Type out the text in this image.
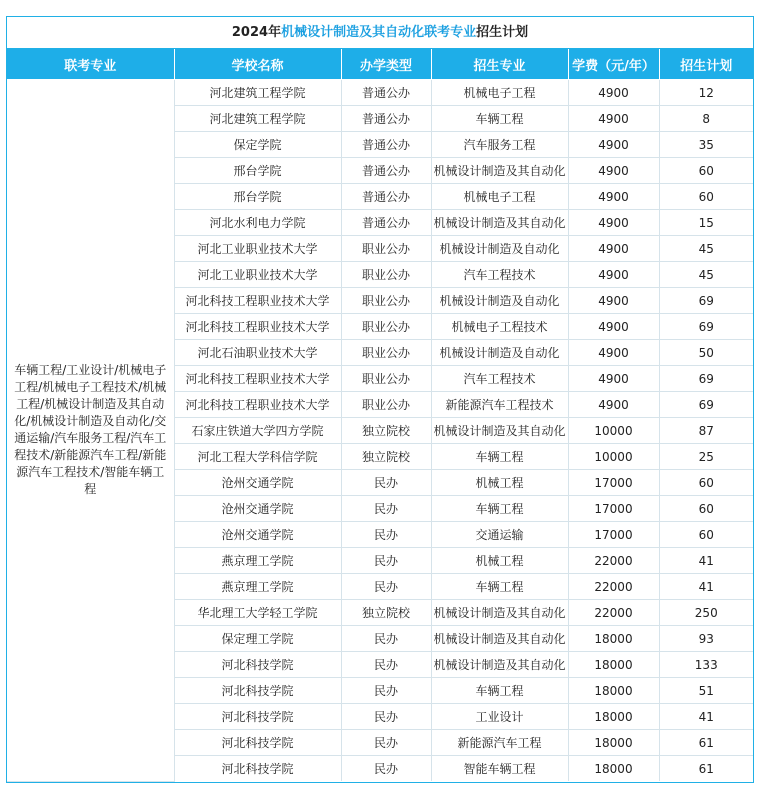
2024年机械设计制造及其自动化联考专业招生计划
联考专业	学校名称	办学类型	招生专业	学费（元/年）	招生计划
车辆工程/工业设计/机械电子工程/机械电子工程技术/机械工程/机械设计制造及其自动化/机械设计制造及自动化/交通运输/汽车服务工程/汽车工程技术/新能源汽车工程/新能源汽车工程技术/智能车辆工程	河北建筑工程学院	普通公办	机械电子工程	4900	12
	河北建筑工程学院	普通公办	车辆工程	4900	8
	保定学院	普通公办	汽车服务工程	4900	35
	邢台学院	普通公办	机械设计制造及其自动化	4900	60
	邢台学院	普通公办	机械电子工程	4900	60
	河北水利电力学院	普通公办	机械设计制造及其自动化	4900	15
	河北工业职业技术大学	职业公办	机械设计制造及自动化	4900	45
	河北工业职业技术大学	职业公办	汽车工程技术	4900	45
	河北科技工程职业技术大学	职业公办	机械设计制造及自动化	4900	69
	河北科技工程职业技术大学	职业公办	机械电子工程技术	4900	69
	河北石油职业技术大学	职业公办	机械设计制造及自动化	4900	50
	河北科技工程职业技术大学	职业公办	汽车工程技术	4900	69
	河北科技工程职业技术大学	职业公办	新能源汽车工程技术	4900	69
	石家庄铁道大学四方学院	独立院校	机械设计制造及其自动化	10000	87
	河北工程大学科信学院	独立院校	车辆工程	10000	25
	沧州交通学院	民办	机械工程	17000	60
	沧州交通学院	民办	车辆工程	17000	60
	沧州交通学院	民办	交通运输	17000	60
	燕京理工学院	民办	机械工程	22000	41
	燕京理工学院	民办	车辆工程	22000	41
	华北理工大学轻工学院	独立院校	机械设计制造及其自动化	22000	250
	保定理工学院	民办	机械设计制造及其自动化	18000	93
	河北科技学院	民办	机械设计制造及其自动化	18000	133
	河北科技学院	民办	车辆工程	18000	51
	河北科技学院	民办	工业设计	18000	41
	河北科技学院	民办	新能源汽车工程	18000	61
	河北科技学院	民办	智能车辆工程	18000	61
